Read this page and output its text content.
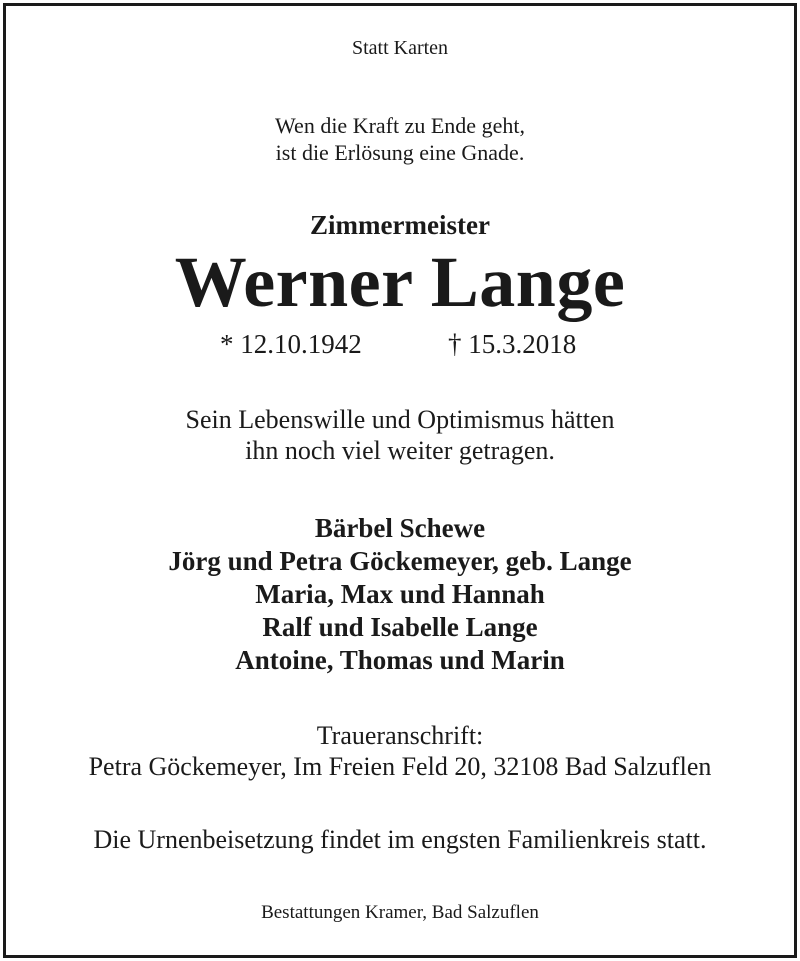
Statt Karten
Wen die Kraft zu Ende geht,
ist die Erlösung eine Gnade.
Zimmermeister
Werner Lange
* 12.10.1942	† 15.3.2018
Sein Lebenswille und Optimismus hätten
ihn noch viel weiter getragen.
Bärbel Schewe
Jörg und Petra Göckemeyer, geb. Lange
Maria, Max und Hannah
Ralf und Isabelle Lange
Antoine, Thomas und Marin
Traueranschrift:
Petra Göckemeyer, Im Freien Feld 20, 32108 Bad Salzuflen
Die Urnenbeisetzung findet im engsten Familienkreis statt.
Bestattungen Kramer, Bad Salzuflen
